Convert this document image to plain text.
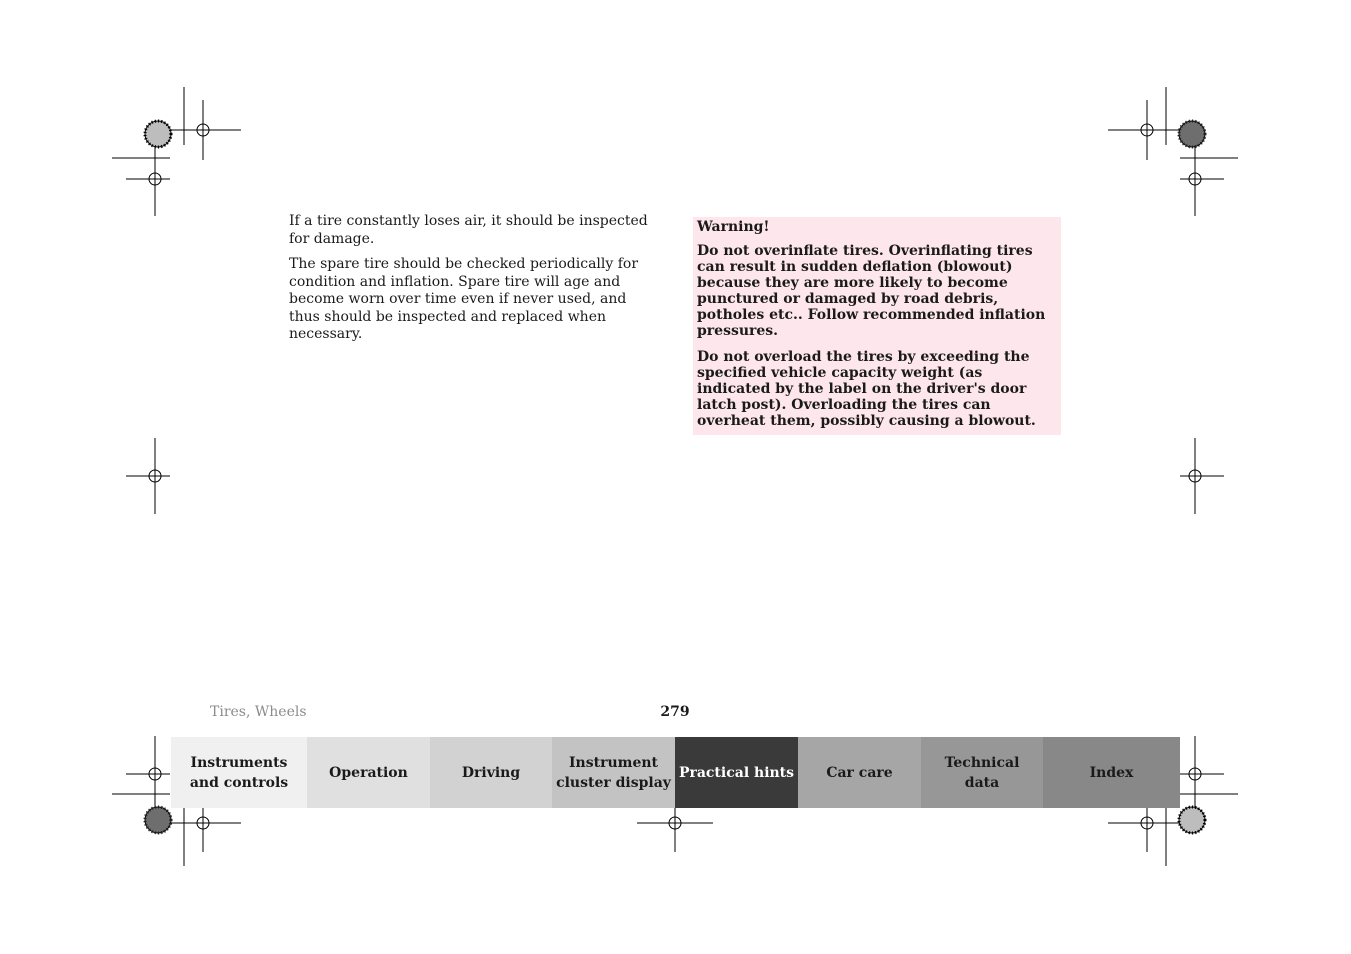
If a tire constantly loses air, it should be inspected for damage.

The spare tire should be checked periodically for condition and inflation. Spare tire will age and become worn over time even if never used, and thus should be inspected and replaced when necessary.

Warning!

Do not overinflate tires. Overinflating tires can result in sudden deflation (blowout) because they are more likely to become punctured or damaged by road debris, potholes etc.. Follow recommended inflation pressures.

Do not overload the tires by exceeding the specified vehicle capacity weight (as indicated by the label on the driver's door latch post). Overloading the tires can overheat them, possibly causing a blowout.

Tires, Wheels	279
Instruments
and controls
Operation	Driving
Instrument
cluster display
Practical hints Car care
Technical
data
Index
